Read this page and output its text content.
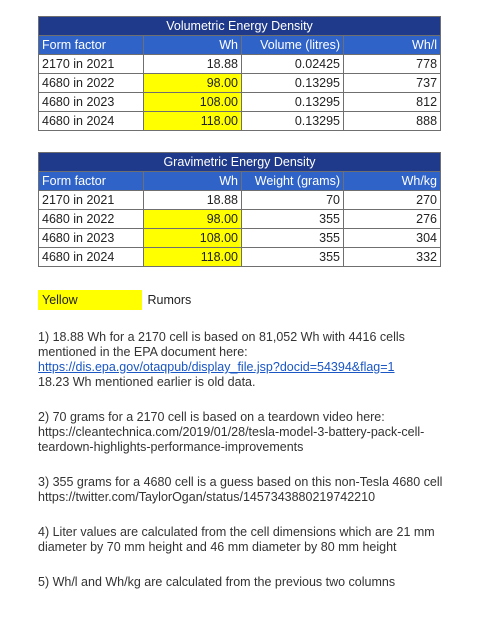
Volumetric Energy Density			
Form factor	Wh	Volume (litres)	Wh/l
2170 in 2021	18.88	0.02425	778
4680 in 2022	98.00	0.13295	737
4680 in 2023	108.00	0.13295	812
4680 in 2024	118.00	0.13295	888
Gravimetric Energy Density			
Form factor	Wh	Weight (grams)	Wh/kg
2170 in 2021	18.88	70	270
4680 in 2022	98.00	355	276
4680 in 2023	108.00	355	304
4680 in 2024	118.00	355	332
Yellow	Rumors

1) 18.88 Wh for a 2170 cell is based on 81,052 Wh with 4416 cells mentioned in the EPA document here:
https://dis.epa.gov/otaqpub/display_file.jsp?docid=54394&flag=1
18.23 Wh mentioned earlier is old data.

2) 70 grams for a 2170 cell is based on a teardown video here: https://cleantechnica.com/2019/01/28/tesla-model-3-battery-pack-cell-teardown-highlights-performance-improvements

3) 355 grams for a 4680 cell is a guess based on this non-Tesla 4680 cell https://twitter.com/TaylorOgan/status/1457343880219742210

4) Liter values are calculated from the cell dimensions which are 21 mm diameter by 70 mm height and 46 mm diameter by 80 mm height

5) Wh/l and Wh/kg are calculated from the previous two columns
